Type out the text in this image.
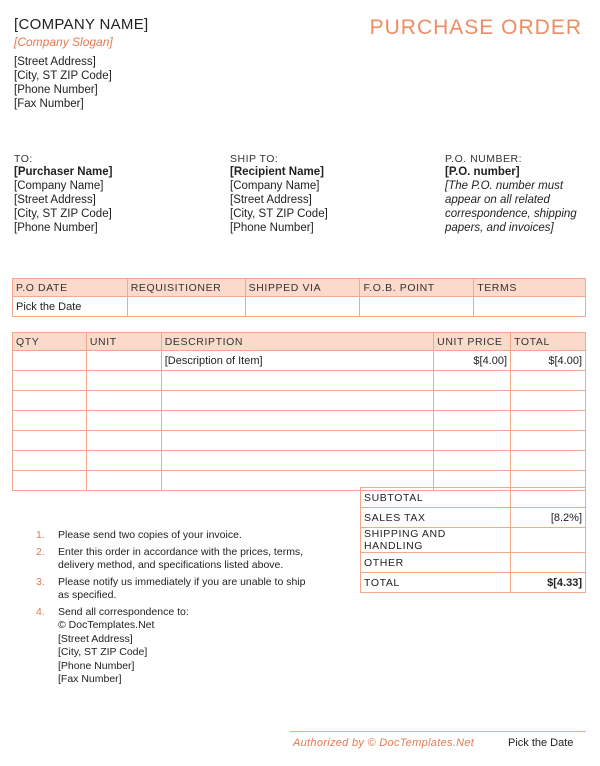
[COMPANY NAME]
[Company Slogan]
[Street Address]
[City, ST ZIP Code]
[Phone Number]
[Fax Number]
PURCHASE ORDER
TO:
[Purchaser Name]
[Company Name]
[Street Address]
[City, ST ZIP Code]
[Phone Number]
SHIP TO:
[Recipient Name]
[Company Name]
[Street Address]
[City, ST ZIP Code]
[Phone Number]
P.O. NUMBER:
[P.O. number]
[The P.O. number must
appear on all related
correspondence, shipping
papers, and invoices]
P.O DATE	REQUISITIONER	SHIPPED VIA	F.O.B. POINT	TERMS
Pick the Date				
QTY	UNIT	DESCRIPTION	UNIT PRICE	TOTAL
		[Description of Item]	$[4.00]	$[4.00]

SUBTOTAL	
SALES TAX	[8.2%]
SHIPPING AND HANDLING	
OTHER	
TOTAL	$[4.33]
1. Please send two copies of your invoice.
2. Enter this order in accordance with the prices, terms,
delivery method, and specifications listed above.
3. Please notify us immediately if you are unable to ship
as specified.
4. Send all correspondence to:
© DocTemplates.Net
[Street Address]
[City, ST ZIP Code]
[Phone Number]
[Fax Number]
Authorized by © DocTemplates.Net	Pick the Date
